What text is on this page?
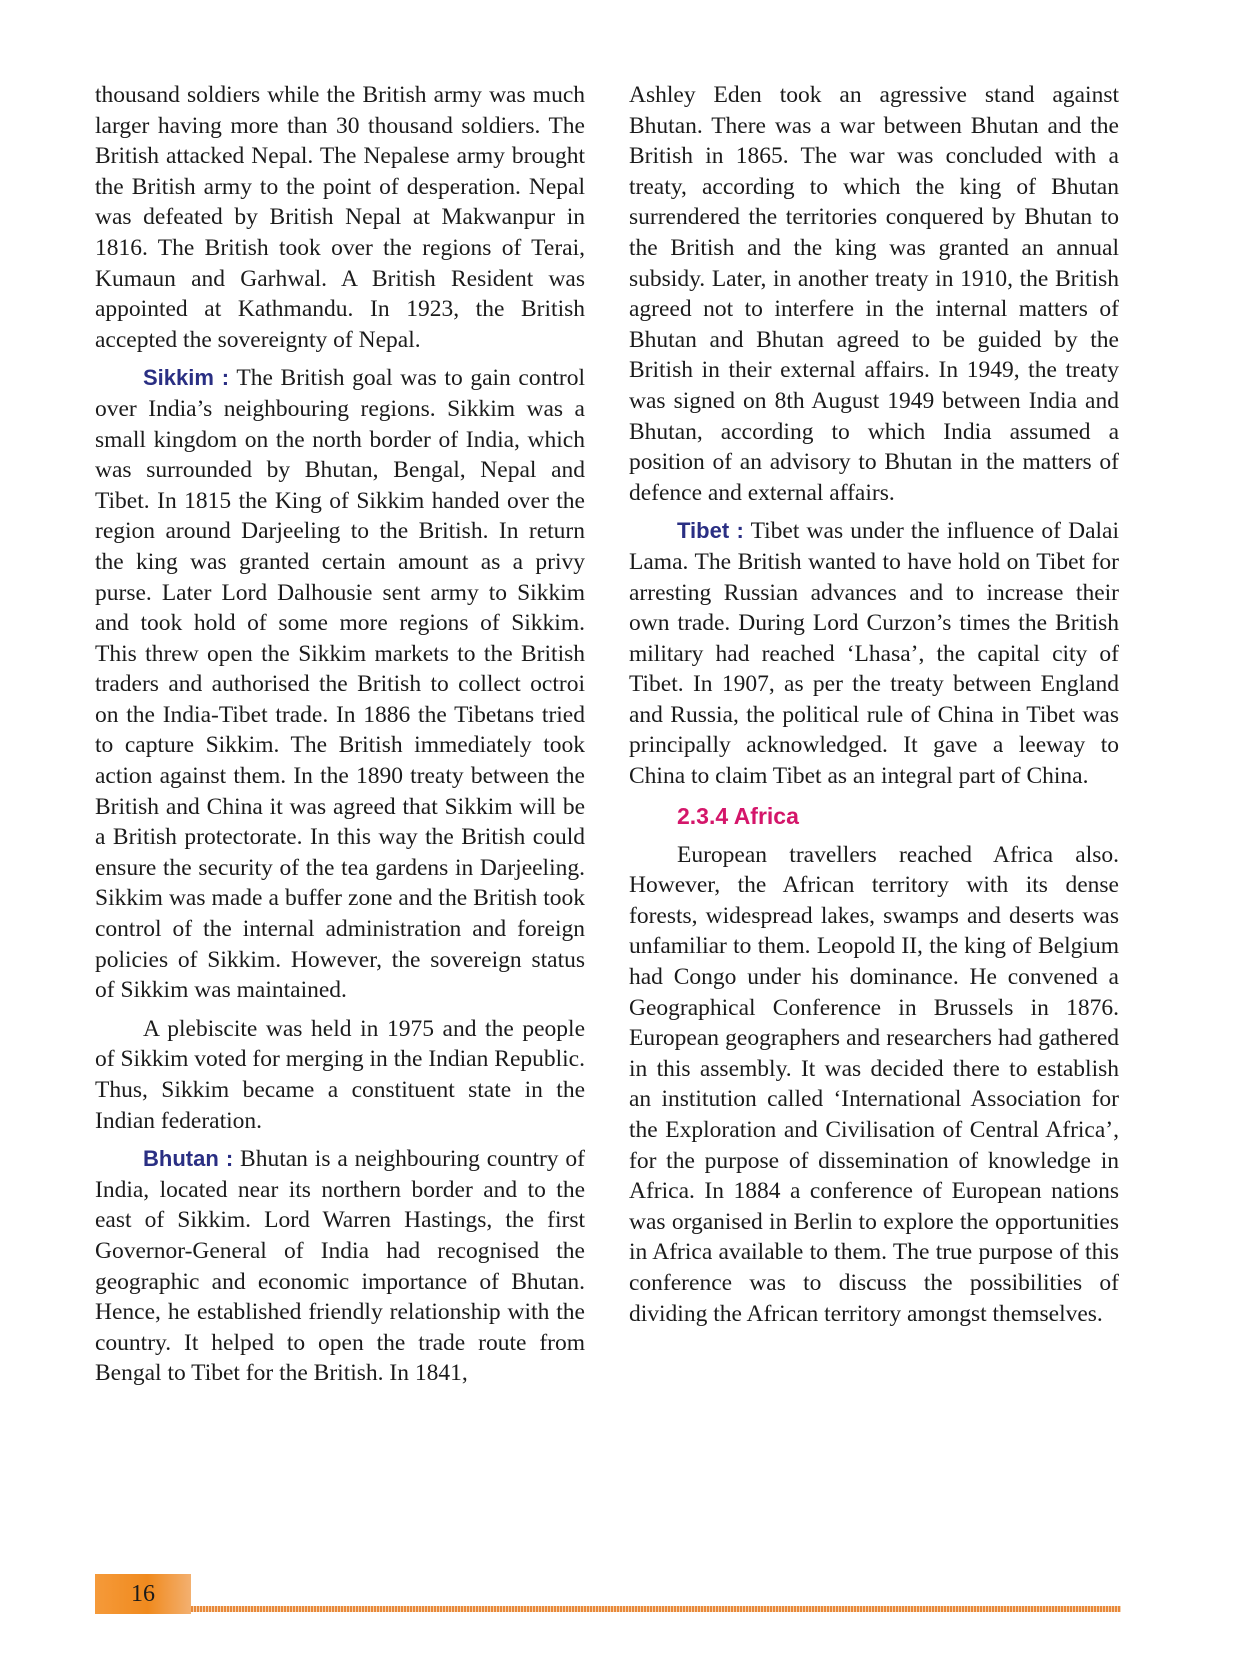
thousand soldiers while the British army was much larger having more than 30 thousand soldiers. The British attacked Nepal. The Nepalese army brought the British army to the point of desperation. Nepal was defeated by British Nepal at Makwanpur in 1816. The British took over the regions of Terai, Kumaun and Garhwal. A British Resident was appointed at Kathmandu. In 1923, the British accepted the sovereignty of Nepal.

Sikkim : The British goal was to gain control over India’s neighbouring regions. Sikkim was a small kingdom on the north border of India, which was surrounded by Bhutan, Bengal, Nepal and Tibet. In 1815 the King of Sikkim handed over the region around Darjeeling to the British. In return the king was granted certain amount as a privy purse. Later Lord Dalhousie sent army to Sikkim and took hold of some more regions of Sikkim. This threw open the Sikkim markets to the British traders and authorised the British to collect octroi on the India-Tibet trade. In 1886 the Tibetans tried to capture Sikkim. The British immediately took action against them. In the 1890 treaty between the British and China it was agreed that Sikkim will be a British protectorate. In this way the British could ensure the security of the tea gardens in Darjeeling. Sikkim was made a buffer zone and the British took control of the internal administration and foreign policies of Sikkim. However, the sovereign status of Sikkim was maintained.

A plebiscite was held in 1975 and the people of Sikkim voted for merging in the Indian Republic. Thus, Sikkim became a constituent state in the Indian federation.

Bhutan : Bhutan is a neighbouring country of India, located near its northern border and to the east of Sikkim. Lord Warren Hastings, the first Governor-General of India had recognised the geographic and economic importance of Bhutan. Hence, he established friendly relationship with the country. It helped to open the trade route from Bengal to Tibet for the British. In 1841,

Ashley Eden took an agressive stand against Bhutan. There was a war between Bhutan and the British in 1865. The war was concluded with a treaty, according to which the king of Bhutan surrendered the territories conquered by Bhutan to the British and the king was granted an annual subsidy. Later, in another treaty in 1910, the British agreed not to interfere in the internal matters of Bhutan and Bhutan agreed to be guided by the British in their external affairs. In 1949, the treaty was signed on 8th August 1949 between India and Bhutan, according to which India assumed a position of an advisory to Bhutan in the matters of defence and external affairs.

Tibet : Tibet was under the influence of Dalai Lama. The British wanted to have hold on Tibet for arresting Russian advances and to increase their own trade. During Lord Curzon’s times the British military had reached ‘Lhasa’, the capital city of Tibet. In 1907, as per the treaty between England and Russia, the political rule of China in Tibet was principally acknowledged. It gave a leeway to China to claim Tibet as an integral part of China.

2.3.4 Africa

European travellers reached Africa also. However, the African territory with its dense forests, widespread lakes, swamps and deserts was unfamiliar to them. Leopold II, the king of Belgium had Congo under his dominance. He convened a Geographical Conference in Brussels in 1876. European geographers and researchers had gathered in this assembly. It was decided there to establish an institution called ‘International Association for the Exploration and Civilisation of Central Africa’, for the purpose of dissemination of knowledge in Africa. In 1884 a conference of European nations was organised in Berlin to explore the opportunities in Africa available to them. The true purpose of this conference was to discuss the possibilities of dividing the African territory amongst themselves.

16
